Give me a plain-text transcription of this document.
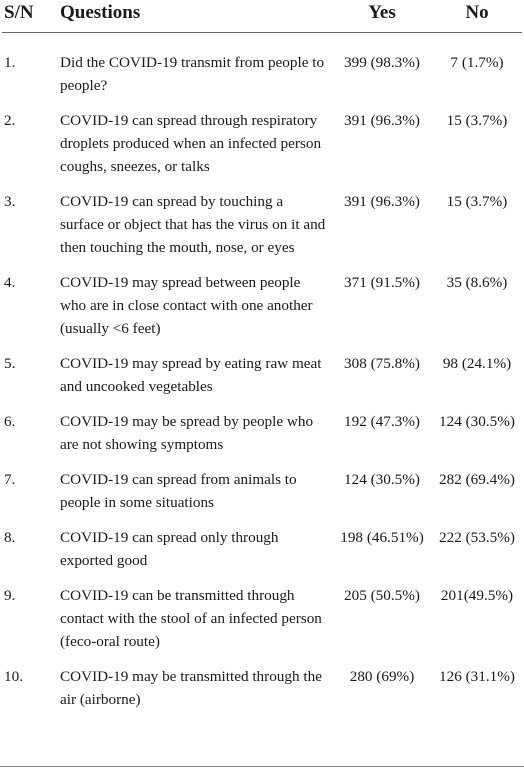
S/N	Questions	Yes	No
1.	Did the COVID-19 transmit from people to people?	399 (98.3%)	7 (1.7%)
2.	COVID-19 can spread through respiratory droplets produced when an infected person coughs, sneezes, or talks	391 (96.3%)	15 (3.7%)
3.	COVID-19 can spread by touching a surface or object that has the virus on it and then touching the mouth, nose, or eyes	391 (96.3%)	15 (3.7%)
4.	COVID-19 may spread between people who are in close contact with one another (usually <6 feet)	371 (91.5%)	35 (8.6%)
5.	COVID-19 may spread by eating raw meat and uncooked vegetables	308 (75.8%)	98 (24.1%)
6.	COVID-19 may be spread by people who are not showing symptoms	192 (47.3%)	124 (30.5%)
7.	COVID-19 can spread from animals to people in some situations	124 (30.5%)	282 (69.4%)
8.	COVID-19 can spread only through exported good	198 (46.51%)	222 (53.5%)
9.	COVID-19 can be transmitted through contact with the stool of an infected person (feco-oral route)	205 (50.5%)	201(49.5%)
10.	COVID-19 may be transmitted through the air (airborne)	280 (69%)	126 (31.1%)
